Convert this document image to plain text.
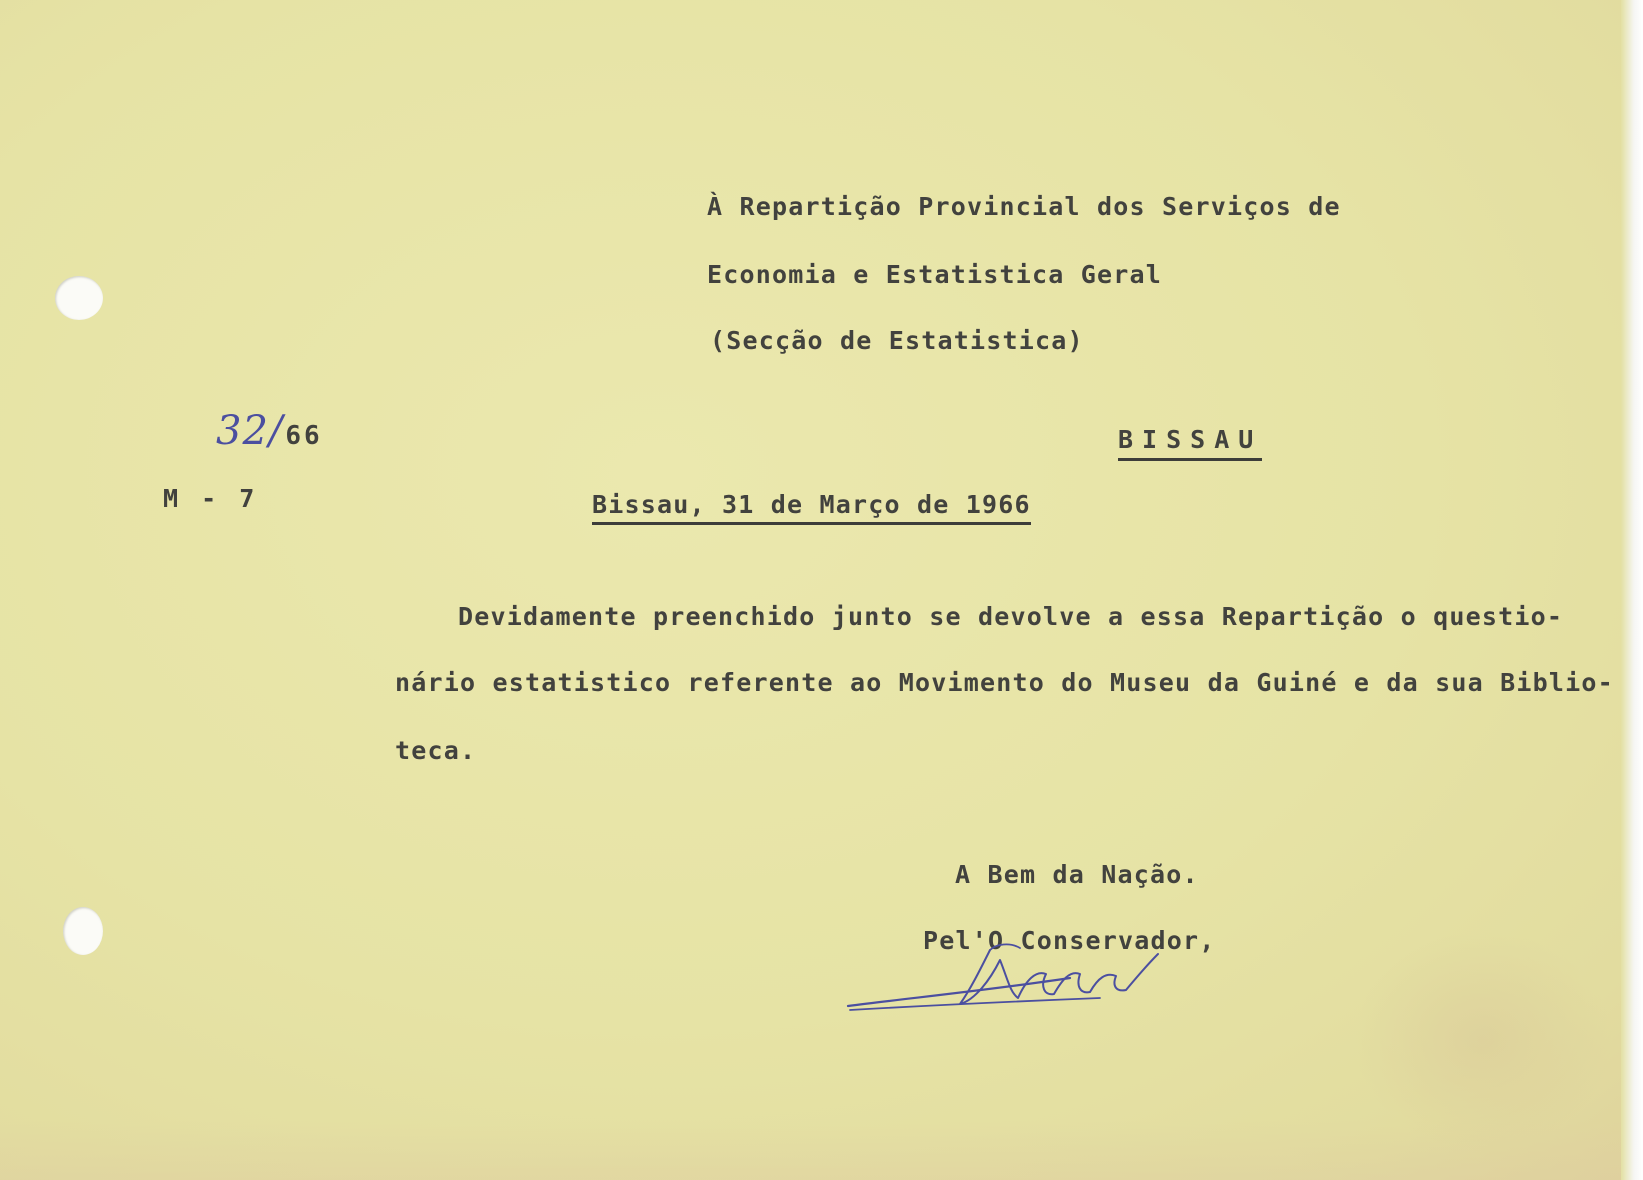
À Repartição Provincial dos Serviços de

Economia e Estatistica Geral

(Secção de Estatistica)

BISSAU
32/66

M - 7	Bissau, 31 de Março de 1966

Devidamente preenchido junto se devolve a essa Repartição o questio-

nário estatistico referente ao Movimento do Museu da Guiné e da sua Biblio-

teca.

A Bem da Nação.

Pel'O Conservador,
